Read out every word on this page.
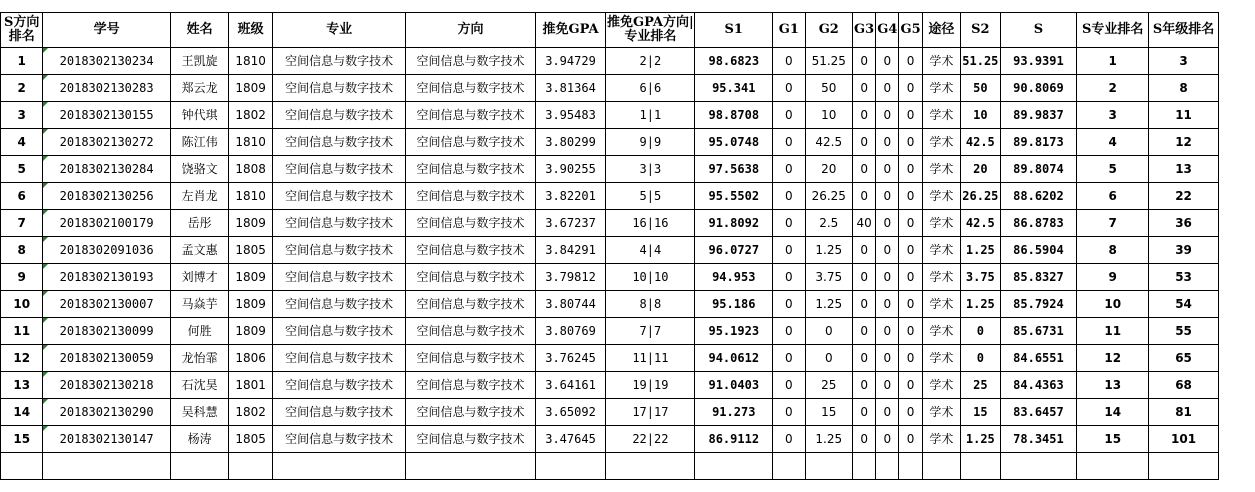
S方向排名	学号	姓名	班级	专业	方向	推免GPA	推免GPA方向|专业排名	S1	G1	G2	G3	G4	G5	途径	S2	S	S专业排名	S年级排名
1	2018302130234	王凯旋	1810	空间信息与数字技术	空间信息与数字技术	3.94729	2|2	98.6823	0	51.25	0	0	0	学术	51.25	93.9391	1	3
2	2018302130283	郑云龙	1809	空间信息与数字技术	空间信息与数字技术	3.81364	6|6	95.341	0	50	0	0	0	学术	50	90.8069	2	8
3	2018302130155	钟代琪	1802	空间信息与数字技术	空间信息与数字技术	3.95483	1|1	98.8708	0	10	0	0	0	学术	10	89.9837	3	11
4	2018302130272	陈江伟	1810	空间信息与数字技术	空间信息与数字技术	3.80299	9|9	95.0748	0	42.5	0	0	0	学术	42.5	89.8173	4	12
5	2018302130284	饶骆文	1808	空间信息与数字技术	空间信息与数字技术	3.90255	3|3	97.5638	0	20	0	0	0	学术	20	89.8074	5	13
6	2018302130256	左肖龙	1810	空间信息与数字技术	空间信息与数字技术	3.82201	5|5	95.5502	0	26.25	0	0	0	学术	26.25	88.6202	6	22
7	2018302100179	岳彤	1809	空间信息与数字技术	空间信息与数字技术	3.67237	16|16	91.8092	0	2.5	40	0	0	学术	42.5	86.8783	7	36
8	2018302091036	孟文惠	1805	空间信息与数字技术	空间信息与数字技术	3.84291	4|4	96.0727	0	1.25	0	0	0	学术	1.25	86.5904	8	39
9	2018302130193	刘博才	1809	空间信息与数字技术	空间信息与数字技术	3.79812	10|10	94.953	0	3.75	0	0	0	学术	3.75	85.8327	9	53
10	2018302130007	马焱芋	1809	空间信息与数字技术	空间信息与数字技术	3.80744	8|8	95.186	0	1.25	0	0	0	学术	1.25	85.7924	10	54
11	2018302130099	何胜	1809	空间信息与数字技术	空间信息与数字技术	3.80769	7|7	95.1923	0	0	0	0	0	学术	0	85.6731	11	55
12	2018302130059	龙怡霏	1806	空间信息与数字技术	空间信息与数字技术	3.76245	11|11	94.0612	0	0	0	0	0	学术	0	84.6551	12	65
13	2018302130218	石沈昊	1801	空间信息与数字技术	空间信息与数字技术	3.64161	19|19	91.0403	0	25	0	0	0	学术	25	84.4363	13	68
14	2018302130290	吴科慧	1802	空间信息与数字技术	空间信息与数字技术	3.65092	17|17	91.273	0	15	0	0	0	学术	15	83.6457	14	81
15	2018302130147	杨涛	1805	空间信息与数字技术	空间信息与数字技术	3.47645	22|22	86.9112	0	1.25	0	0	0	学术	1.25	78.3451	15	101
